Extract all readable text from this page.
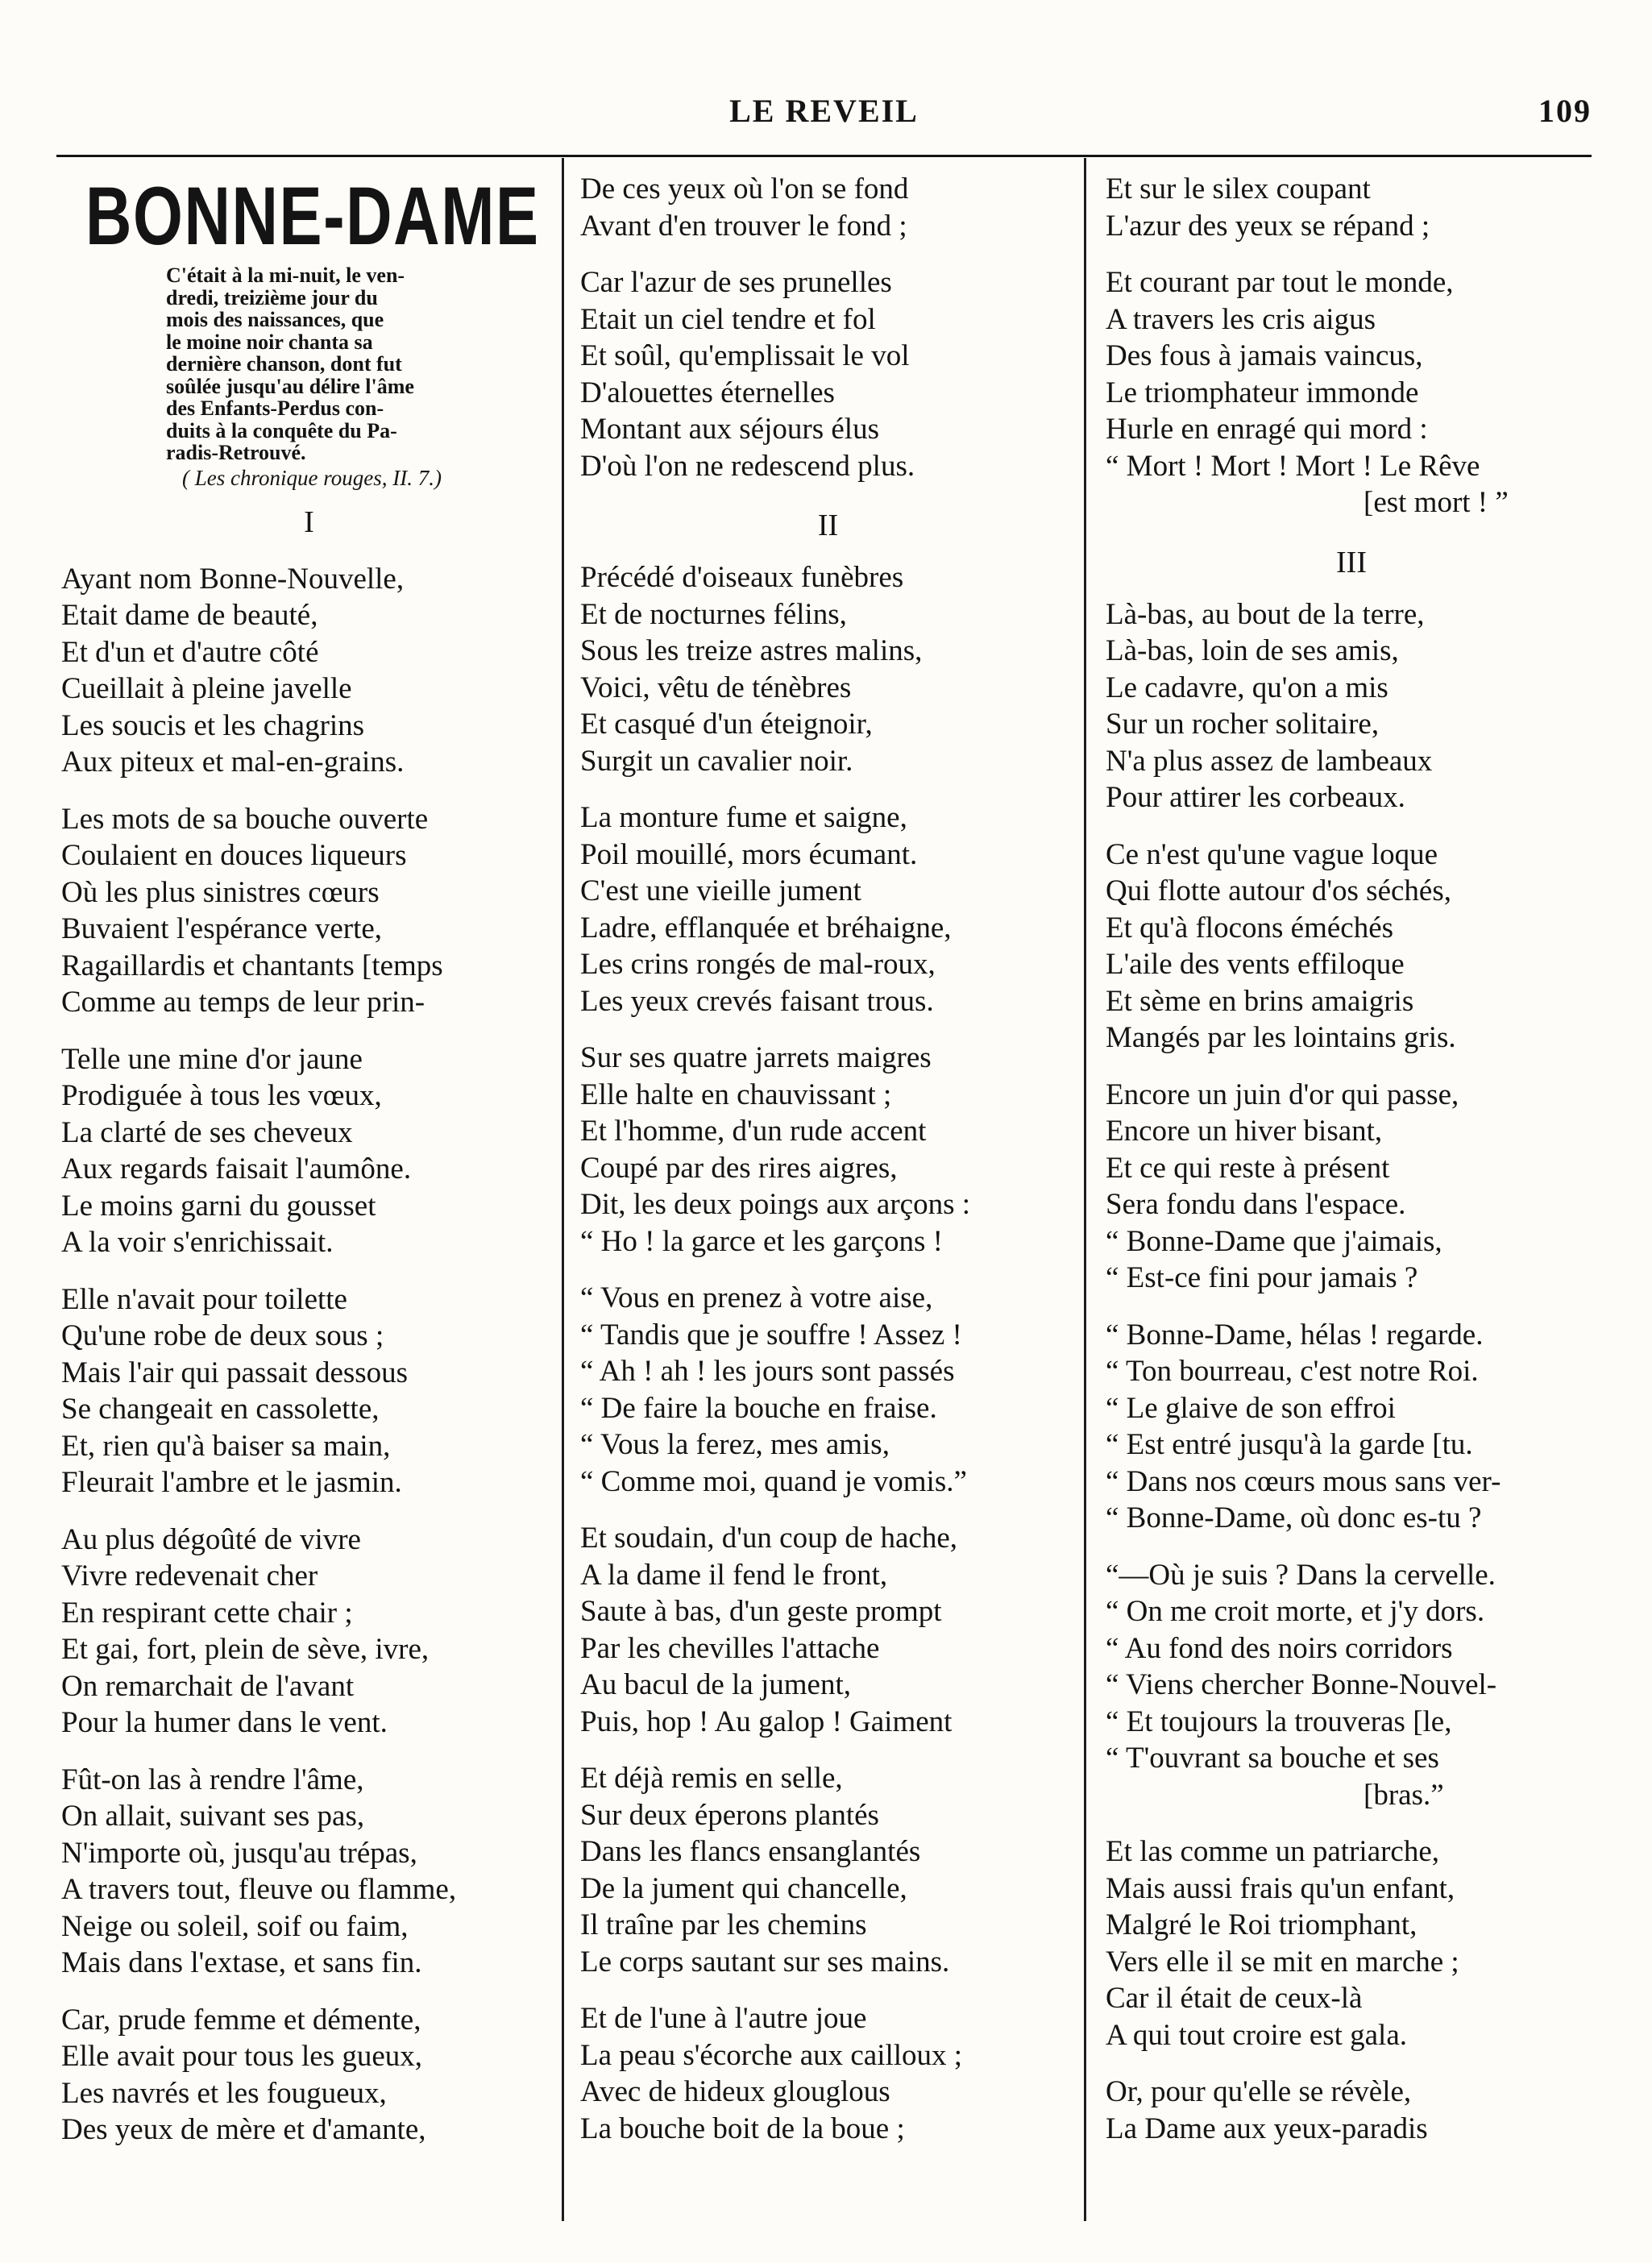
LE REVEIL	109
BONNE-DAME
C'était à la mi-nuit, le ven-
dredi, treizième jour du
mois des naissances, que
le moine noir chanta sa
dernière chanson, dont fut
soûlée jusqu'au délire l'âme
des Enfants-Perdus con-
duits à la conquête du Pa-
radis-Retrouvé.
( Les chronique rouges, II. 7.)
I
Ayant nom Bonne-Nouvelle,
Etait dame de beauté,
Et d'un et d'autre côté
Cueillait à pleine javelle
Les soucis et les chagrins
Aux piteux et mal-en-grains.
Les mots de sa bouche ouverte
Coulaient en douces liqueurs
Où les plus sinistres cœurs
Buvaient l'espérance verte,
Ragaillardis et chantants [temps
Comme au temps de leur prin-
Telle une mine d'or jaune
Prodiguée à tous les vœux,
La clarté de ses cheveux
Aux regards faisait l'aumône.
Le moins garni du gousset
A la voir s'enrichissait.
Elle n'avait pour toilette
Qu'une robe de deux sous ;
Mais l'air qui passait dessous
Se changeait en cassolette,
Et, rien qu'à baiser sa main,
Fleurait l'ambre et le jasmin.
Au plus dégoûté de vivre
Vivre redevenait cher
En respirant cette chair ;
Et gai, fort, plein de sève, ivre,
On remarchait de l'avant
Pour la humer dans le vent.
Fût-on las à rendre l'âme,
On allait, suivant ses pas,
N'importe où, jusqu'au trépas,
A travers tout, fleuve ou flamme,
Neige ou soleil, soif ou faim,
Mais dans l'extase, et sans fin.
Car, prude femme et démente,
Elle avait pour tous les gueux,
Les navrés et les fougueux,
Des yeux de mère et d'amante,
De ces yeux où l'on se fond
Avant d'en trouver le fond ;
Car l'azur de ses prunelles
Etait un ciel tendre et fol
Et soûl, qu'emplissait le vol
D'alouettes éternelles
Montant aux séjours élus
D'où l'on ne redescend plus.
II
Précédé d'oiseaux funèbres
Et de nocturnes félins,
Sous les treize astres malins,
Voici, vêtu de ténèbres
Et casqué d'un éteignoir,
Surgit un cavalier noir.
La monture fume et saigne,
Poil mouillé, mors écumant.
C'est une vieille jument
Ladre, efflanquée et bréhaigne,
Les crins rongés de mal-roux,
Les yeux crevés faisant trous.
Sur ses quatre jarrets maigres
Elle halte en chauvissant ;
Et l'homme, d'un rude accent
Coupé par des rires aigres,
Dit, les deux poings aux arçons :
“ Ho ! la garce et les garçons !
“ Vous en prenez à votre aise,
“ Tandis que je souffre ! Assez !
“ Ah ! ah ! les jours sont passés
“ De faire la bouche en fraise.
“ Vous la ferez, mes amis,
“ Comme moi, quand je vomis.”
Et soudain, d'un coup de hache,
A la dame il fend le front,
Saute à bas, d'un geste prompt
Par les chevilles l'attache
Au bacul de la jument,
Puis, hop ! Au galop ! Gaiment
Et déjà remis en selle,
Sur deux éperons plantés
Dans les flancs ensanglantés
De la jument qui chancelle,
Il traîne par les chemins
Le corps sautant sur ses mains.
Et de l'une à l'autre joue
La peau s'écorche aux cailloux ;
Avec de hideux glouglous
La bouche boit de la boue ;
Et sur le silex coupant
L'azur des yeux se répand ;
Et courant par tout le monde,
A travers les cris aigus
Des fous à jamais vaincus,
Le triomphateur immonde
Hurle en enragé qui mord :
“ Mort ! Mort ! Mort ! Le Rêve
[est mort ! ”
III
Là-bas, au bout de la terre,
Là-bas, loin de ses amis,
Le cadavre, qu'on a mis
Sur un rocher solitaire,
N'a plus assez de lambeaux
Pour attirer les corbeaux.
Ce n'est qu'une vague loque
Qui flotte autour d'os séchés,
Et qu'à flocons éméchés
L'aile des vents effiloque
Et sème en brins amaigris
Mangés par les lointains gris.
Encore un juin d'or qui passe,
Encore un hiver bisant,
Et ce qui reste à présent
Sera fondu dans l'espace.
“ Bonne-Dame que j'aimais,
“ Est-ce fini pour jamais ?
“ Bonne-Dame, hélas ! regarde.
“ Ton bourreau, c'est notre Roi.
“ Le glaive de son effroi
“ Est entré jusqu'à la garde [tu.
“ Dans nos cœurs mous sans ver-
“ Bonne-Dame, où donc es-tu ?
“—Où je suis ? Dans la cervelle.
“ On me croit morte, et j'y dors.
“ Au fond des noirs corridors
“ Viens chercher Bonne-Nouvel-
“ Et toujours la trouveras [le,
“ T'ouvrant sa bouche et ses
[bras.”
Et las comme un patriarche,
Mais aussi frais qu'un enfant,
Malgré le Roi triomphant,
Vers elle il se mit en marche ;
Car il était de ceux-là
A qui tout croire est gala.
Or, pour qu'elle se révèle,
La Dame aux yeux-paradis
